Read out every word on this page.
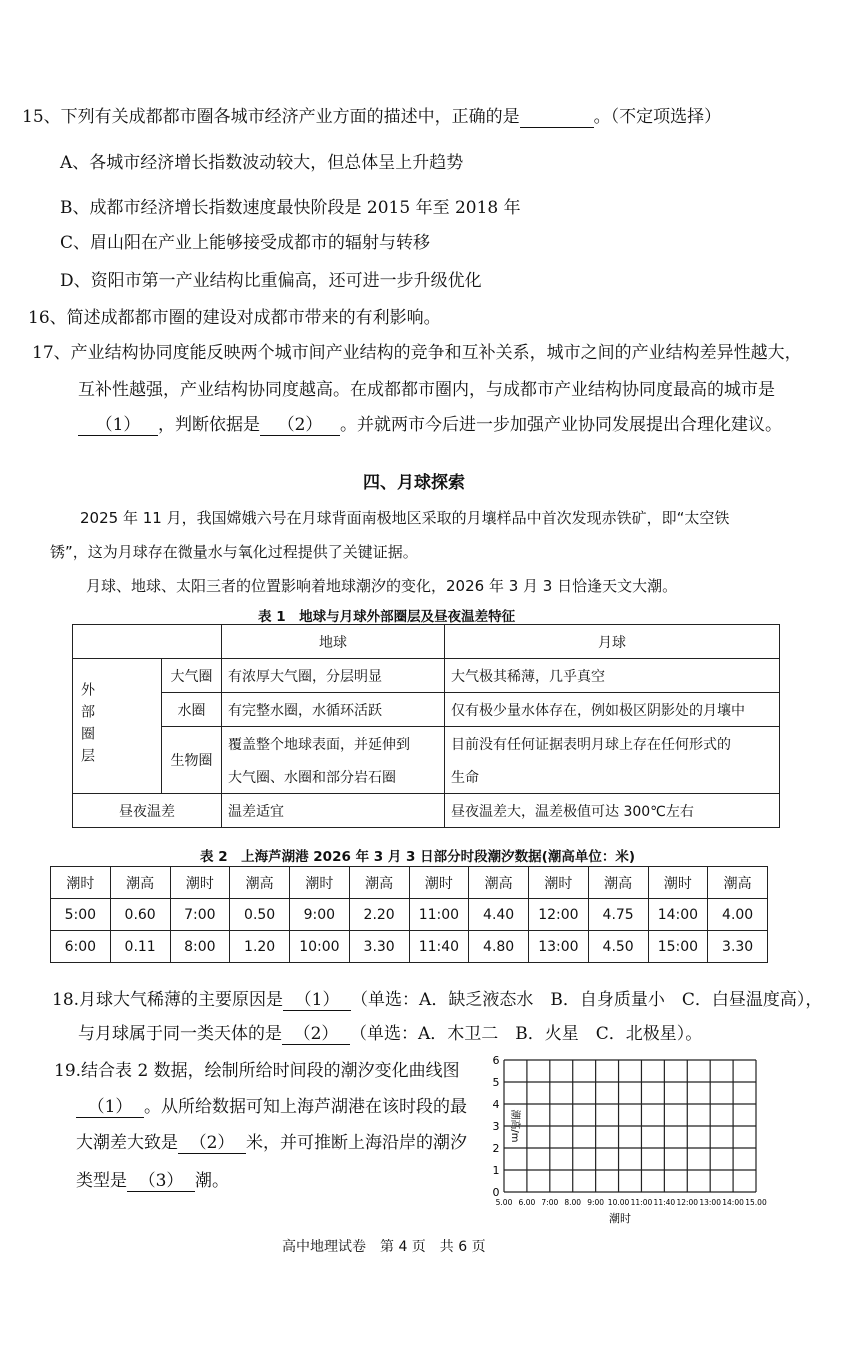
15、下列有关成都都市圈各城市经济产业方面的描述中，正确的是	。（不定项选择）
A、各城市经济增长指数波动较大，但总体呈上升趋势
B、成都市经济增长指数速度最快阶段是 2015 年至 2018 年
C、眉山阳在产业上能够接受成都市的辐射与转移
D、资阳市第一产业结构比重偏高，还可进一步升级优化
16、简述成都都市圈的建设对成都市带来的有利影响。
17、产业结构协同度能反映两个城市间产业结构的竞争和互补关系，城市之间的产业结构差异性越大，
互补性越强，产业结构协同度越高。在成都都市圈内，与成都市产业结构协同度最高的城市是
（1） ，判断依据是 （2） 。并就两市今后进一步加强产业协同发展提出合理化建议。
四、月球探索
2025 年 11 月，我国嫦娥六号在月球背面南极地区采取的月壤样品中首次发现赤铁矿，即“太空铁
锈”，这为月球存在微量水与氧化过程提供了关键证据。
月球、地球、太阳三者的位置影响着地球潮汐的变化，2026 年 3 月 3 日恰逢天文大潮。
表 1　地球与月球外部圈层及昼夜温差特征
		地球	月球

外部圈层	大气圈	有浓厚大气圈，分层明显	大气极其稀薄，几乎真空
	水圈	有完整水圈，水循环活跃	仅有极少量水体存在，例如极区阴影处的月壤中
	生物圈	覆盖整个地球表面，并延伸到	目前没有任何证据表明月球上存在任何形式的
		大气圈、水圈和部分岩石圈	生命
昼夜温差		温差适宜	昼夜温差大，温差极值可达 300℃左右
表 2　上海芦湖港 2026 年 3 月 3 日部分时段潮汐数据(潮高单位：米)
潮时	潮高	潮时	潮高	潮时	潮高	潮时	潮高	潮时	潮高	潮时	潮高
5:00	0.60	7:00	0.50	9:00	2.20	11:00	4.40	12:00	4.75	14:00	4.00
6:00	0.11	8:00	1.20	10:00	3.30	11:40	4.80	13:00	4.50	15:00	3.30
18.月球大气稀薄的主要原因是 （1） （单选：A．缺乏液态水　B．自身质量小　C．白昼温度高），
与月球属于同一类天体的是 （2） （单选：A．木卫二　B．火星　C．北极星）。
19.结合表 2 数据，绘制所给时间段的潮汐变化曲线图
（1） 。从所给数据可知上海芦湖港在该时段的最
大潮差大致是 （2） 米，并可推断上海沿岸的潮汐
类型是 （3） 潮。
0
1
2
3
4
5
6
5.00 6.00 7:00 8.00 9:00 10.00 11:00 11:40 12:00 13:00 14:00 15.00
潮高/m
潮时
高中地理试卷　第 4 页　共 6 页
